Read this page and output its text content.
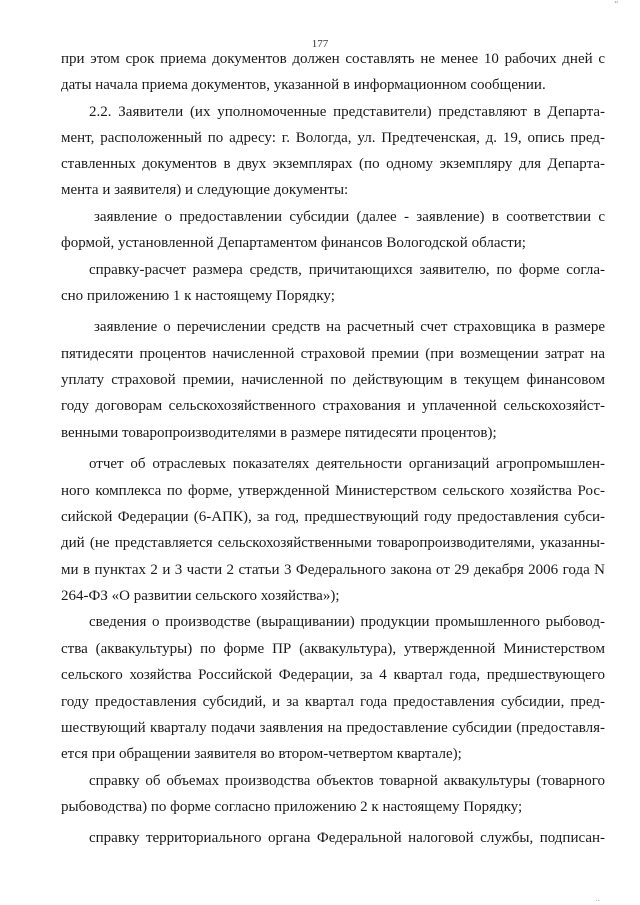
177
''
при этом срок приема документов должен составлять не менее 10 рабочих дней с
даты начала приема документов, указанной в информационном сообщении.
2.2. Заявители (их уполномоченные представители) представляют в Департа-
мент, расположенный по адресу: г. Вологда, ул. Предтеченская, д. 19, опись пред-
ставленных документов в двух экземплярах (по одному экземпляру для Департа-
мента и заявителя) и следующие документы:
заявление о предоставлении субсидии (далее - заявление) в соответствии с
формой, установленной Департаментом финансов Вологодской области;
справку-расчет размера средств, причитающихся заявителю, по форме согла-
сно приложению 1 к настоящему Порядку;
заявление о перечислении средств на расчетный счет страховщика в размере
пятидесяти процентов начисленной страховой премии (при возмещении затрат на
уплату страховой премии, начисленной по действующим в текущем финансовом
году договорам сельскохозяйственного страхования и уплаченной сельскохозяйст-
венными товаропроизводителями в размере пятидесяти процентов);
отчет об отраслевых показателях деятельности организаций агропромышлен-
ного комплекса по форме, утвержденной Министерством сельского хозяйства Рос-
сийской Федерации (6-АПК), за год, предшествующий году предоставления субси-
дий (не представляется сельскохозяйственными товаропроизводителями, указанны-
ми в пунктах 2 и 3 части 2 статьи 3 Федерального закона от 29 декабря 2006 года N
264-ФЗ «О развитии сельского хозяйства»);
сведения о производстве (выращивании) продукции промышленного рыбовод-
ства (аквакультуры) по форме ПР (аквакультура), утвержденной Министерством
сельского хозяйства Российской Федерации, за 4 квартал года, предшествующего
году предоставления субсидий, и за квартал года предоставления субсидии, пред-
шествующий кварталу подачи заявления на предоставление субсидии (предоставля-
ется при обращении заявителя во втором-четвертом квартале);
справку об объемах производства объектов товарной аквакультуры (товарного
рыбоводства) по форме согласно приложению 2 к настоящему Порядку;
справку территориального органа Федеральной налоговой службы, подписан-
..
